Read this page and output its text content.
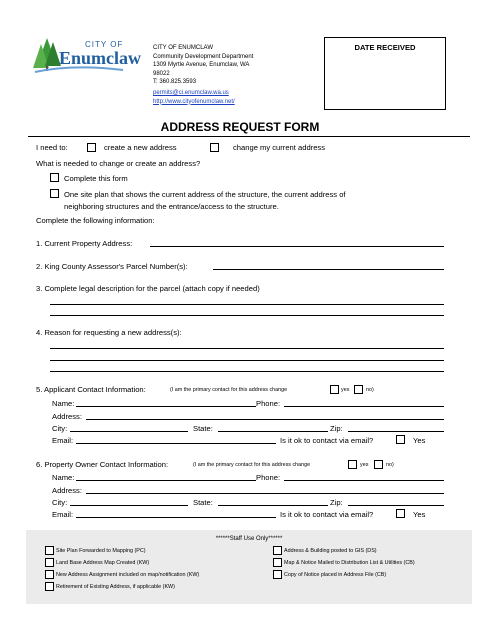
CITY OF
Enumclaw CITY OF ENUMCLAW
Community Development Department
1309 Myrtle Avenue, Enumclaw, WA
98022
T: 360.825.3593
permits@ci.enumclaw.wa.us
http://www.cityofenumclaw.net/
DATE RECEIVED
ADDRESS REQUEST FORM
I need to:	create a new address	change my current address
What is needed to change or create an address?
Complete this form
One site plan that shows the current address of the structure, the current address of
neighboring structures and the entrance/access to the structure.
Complete the following information:
1. Current Property Address:
2. King County Assessor's Parcel Number(s):
3. Complete legal description for the parcel (attach copy if needed)
4. Reason for requesting a new address(s):
5. Applicant Contact Information:	(I am the primary contact for this address change	yes	no)
Name:	Phone:
Address:
City:	State:	Zip:
Email:	Is it ok to contact via email?	Yes
6. Property Owner Contact Information:	(I am the primary contact for this address change	yes	no)
Name:	Phone:
Address:
City:	State:	Zip:
Email:	Is it ok to contact via email?	Yes
******Staff Use Only******
Site Plan Forwarded to Mapping (PC)
Land Base Address Map Created (KW)
New Address Assignment included on map/notification (KW)
Retirement of Existing Address, if applicable (KW)
Address & Building posted to GIS (DS)
Map & Notice Mailed to Distribution List & Utilities (CB)
Copy of Notice placed in Address File (CB)
